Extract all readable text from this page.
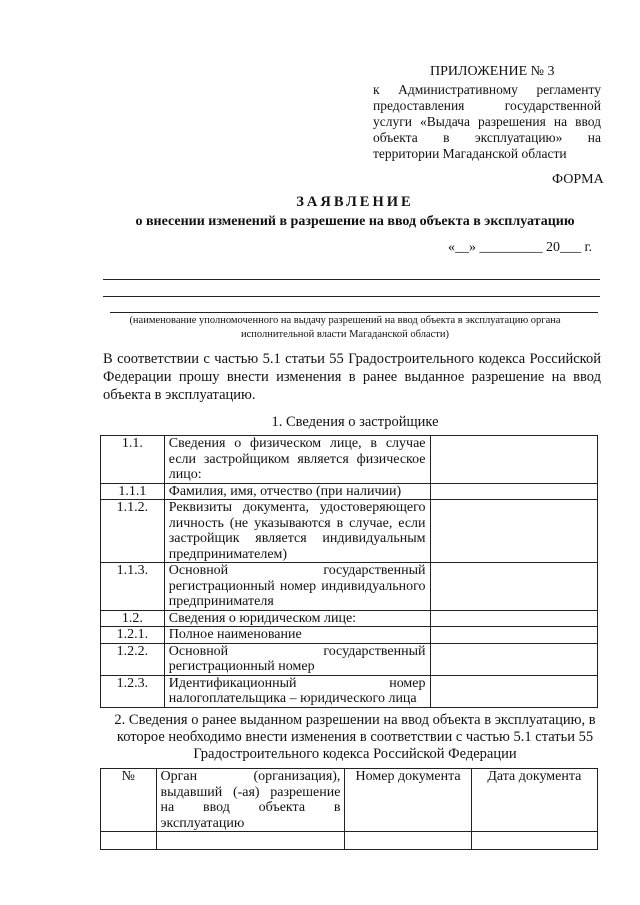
ПРИЛОЖЕНИЕ № 3
к Административному регламенту предоставления государственной услуги «Выдача разрешения на ввод объекта в эксплуатацию» на территории Магаданской области
ФОРМА
ЗАЯВЛЕНИЕ
о внесении изменений в разрешение на ввод объекта в эксплуатацию
«__» _________ 20___ г.
(наименование уполномоченного на выдачу разрешений на ввод объекта в эксплуатацию органа исполнительной власти Магаданской области)
В соответствии с частью 5.1 статьи 55 Градостроительного кодекса Российской Федерации прошу внести изменения в ранее выданное разрешение на ввод объекта в эксплуатацию.
1. Сведения о застройщике
1.1.	Сведения о физическом лице, в случае если застройщиком является физическое лицо:	
1.1.1	Фамилия, имя, отчество (при наличии)	
1.1.2.	Реквизиты документа, удостоверяющего личность (не указываются в случае, если застройщик является индивидуальным предпринимателем)	
1.1.3.	Основной государственный регистрационный номер индивидуального предпринимателя	
1.2.	Сведения о юридическом лице:	
1.2.1.	Полное наименование	
1.2.2.	Основной государственный регистрационный номер	
1.2.3.	Идентификационный номер налогоплательщика – юридического лица	
2. Сведения о ранее выданном разрешении на ввод объекта в эксплуатацию, в которое необходимо внести изменения в соответствии с частью 5.1 статьи 55 Градостроительного кодекса Российской Федерации
№	Орган (организация), выдавший (-ая) разрешение на ввод объекта в эксплуатацию	Номер документа	Дата документа
